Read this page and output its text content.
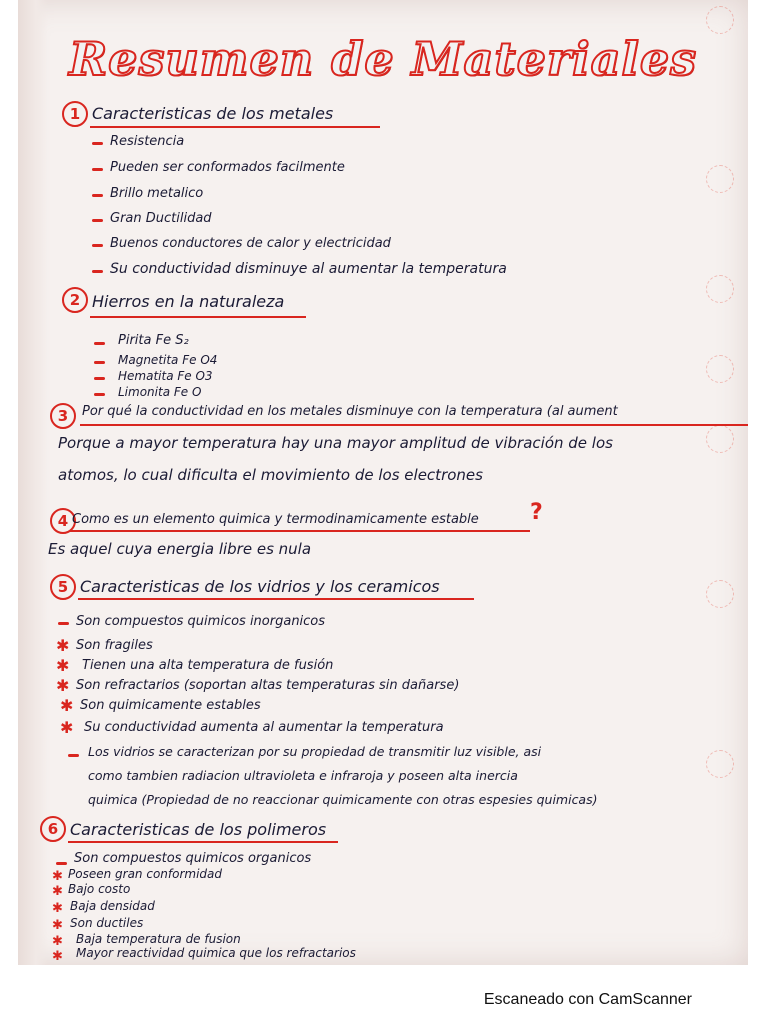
Resumen de Materiales
1 Caracteristicas de los metales
Resistencia
Pueden ser conformados facilmente
Brillo metalico
Gran Ductilidad
Buenos conductores de calor y electricidad
Su conductividad disminuye al aumentar la temperatura
2 Hierros en la naturaleza
Pirita Fe S₂
Magnetita Fe O4
Hematita Fe O3
Limonita Fe O
3	Por qué la conductividad en los metales disminuye con la temperatura (al aument
Porque a mayor temperatura hay una mayor amplitud de vibración de los
atomos, lo cual dificulta el movimiento de los electrones
4 Como es un elemento quimica y termodinamicamente estable ?
Es aquel cuya energia libre es nula
5 Caracteristicas de los vidrios y los ceramicos
Son compuestos quimicos inorganicos
✱ Son fragiles
✱ Tienen una alta temperatura de fusión
✱ Son refractarios (soportan altas temperaturas sin dañarse)
✱ Son quimicamente estables
✱ Su conductividad aumenta al aumentar la temperatura
Los vidrios se caracterizan por su propiedad de transmitir luz visible, asi
como tambien radiacion ultravioleta e infraroja y poseen alta inercia
quimica (Propiedad de no reaccionar quimicamente con otras espesies quimicas)
6 Caracteristicas de los polimeros
Son compuestos quimicos organicos
✱ Poseen gran conformidad
✱ Bajo costo
✱ Baja densidad
✱ Son ductiles
✱ Baja temperatura de fusion
✱ Mayor reactividad quimica que los refractarios
Escaneado con CamScanner
